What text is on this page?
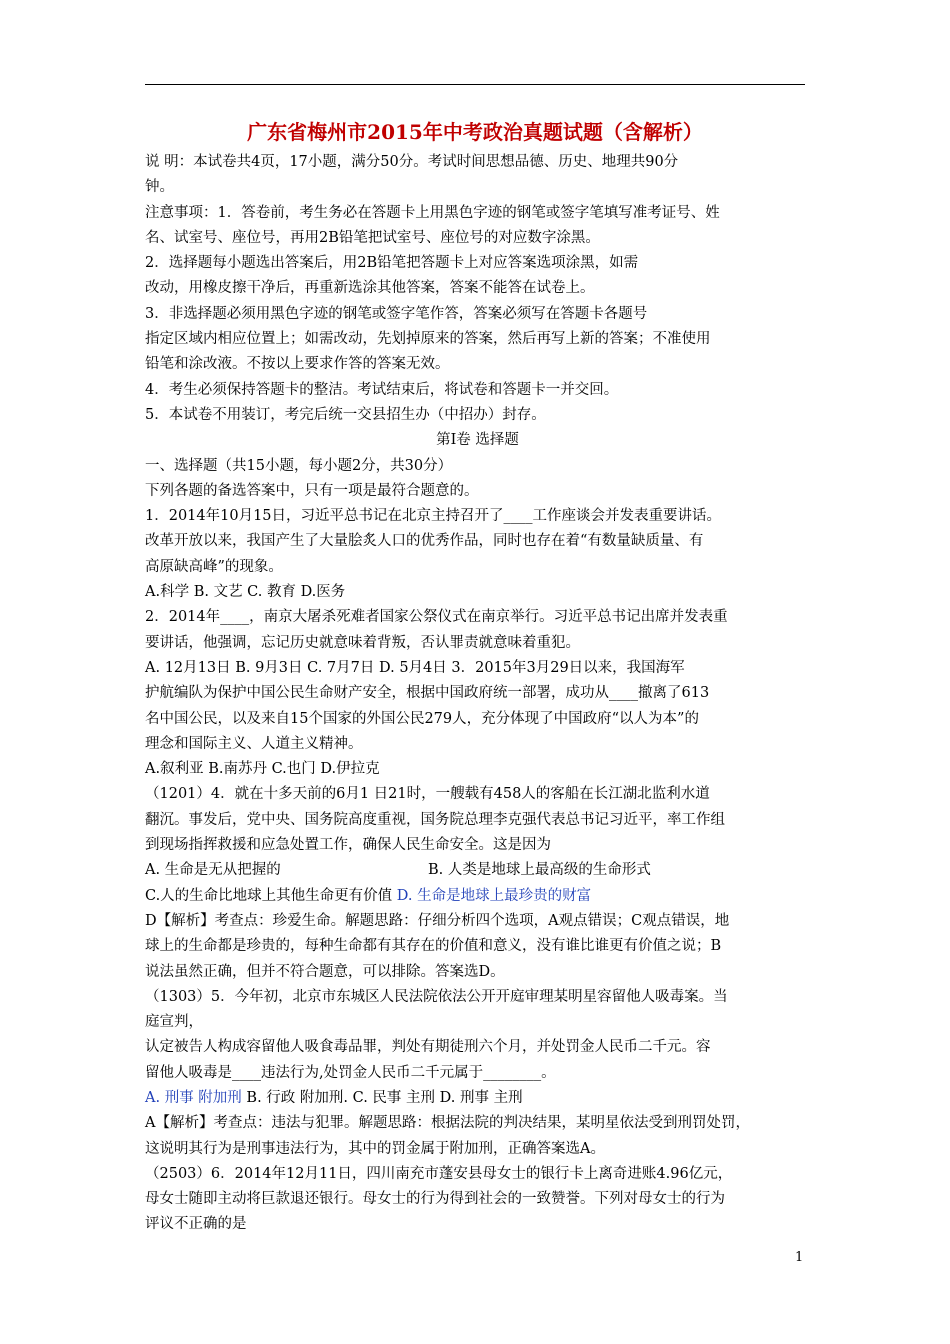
广东省梅州市2015年中考政治真题试题（含解析）
说 明：本试卷共4页，17小题，满分50分。考试时间思想品德、历史、地理共90分
钟。
注意事项：1．答卷前，考生务必在答题卡上用黑色字迹的钢笔或签字笔填写准考证号、姓
名、试室号、座位号，再用2B铅笔把试室号、座位号的对应数字涂黑。
2．选择题每小题选出答案后，用2B铅笔把答题卡上对应答案选项涂黑，如需
改动，用橡皮擦干净后，再重新选涂其他答案，答案不能答在试卷上。
3．非选择题必须用黑色字迹的钢笔或签字笔作答，答案必须写在答题卡各题号
指定区域内相应位置上；如需改动，先划掉原来的答案，然后再写上新的答案；不准使用
铅笔和涂改液。不按以上要求作答的答案无效。
4．考生必须保持答题卡的整洁。考试结束后，将试卷和答题卡一并交回。
5．本试卷不用装订，考完后统一交县招生办（中招办）封存。
第Ⅰ卷 选择题
一、选择题（共15小题，每小题2分，共30分）
下列各题的备选答案中，只有一项是最符合题意的。
1．2014年10月15日，习近平总书记在北京主持召开了____工作座谈会并发表重要讲话。
改革开放以来，我国产生了大量脍炙人口的优秀作品，同时也存在着“有数量缺质量、有
高原缺高峰”的现象。
A.科学 B. 文艺 C. 教育 D.医务
2．2014年____，南京大屠杀死难者国家公祭仪式在南京举行。习近平总书记出席并发表重
要讲话，他强调，忘记历史就意味着背叛，否认罪责就意味着重犯。
A. 12月13日 B. 9月3日 C. 7月7日 D. 5月4日 3．2015年3月29日以来，我国海军
护航编队为保护中国公民生命财产安全，根据中国政府统一部署，成功从____撤离了613
名中国公民，以及来自15个国家的外国公民279人，充分体现了中国政府“以人为本”的
理念和国际主义、人道主义精神。
A.叙利亚 B.南苏丹 C.也门 D.伊拉克
（1201）4．就在十多天前的6月1 日21时，一艘载有458人的客船在长江湖北监利水道
翻沉。事发后，党中央、国务院高度重视，国务院总理李克强代表总书记习近平，率工作组
到现场指挥救援和应急处置工作，确保人民生命安全。这是因为
A. 生命是无从把握的	B. 人类是地球上最高级的生命形式
C.人的生命比地球上其他生命更有价值 D. 生命是地球上最珍贵的财富
D【解析】考查点：珍爱生命。解题思路：仔细分析四个选项，A观点错误；C观点错误，地
球上的生命都是珍贵的，每种生命都有其存在的价值和意义，没有谁比谁更有价值之说；B
说法虽然正确，但并不符合题意，可以排除。答案选D。
（1303）5．今年初，北京市东城区人民法院依法公开开庭审理某明星容留他人吸毒案。当
庭宣判，
认定被告人构成容留他人吸食毒品罪，判处有期徒刑六个月，并处罚金人民币二千元。容
留他人吸毒是____违法行为,处罚金人民币二千元属于________。
A. 刑事 附加刑 B. 行政 附加刑. C. 民事 主刑 D. 刑事 主刑
A【解析】考查点：违法与犯罪。解题思路：根据法院的判决结果，某明星依法受到刑罚处罚，
这说明其行为是刑事违法行为，其中的罚金属于附加刑，正确答案选A。
（2503）6．2014年12月11日，四川南充市蓬安县母女士的银行卡上离奇进账4.96亿元，
母女士随即主动将巨款退还银行。母女士的行为得到社会的一致赞誉。下列对母女士的行为
评议不正确的是
1
